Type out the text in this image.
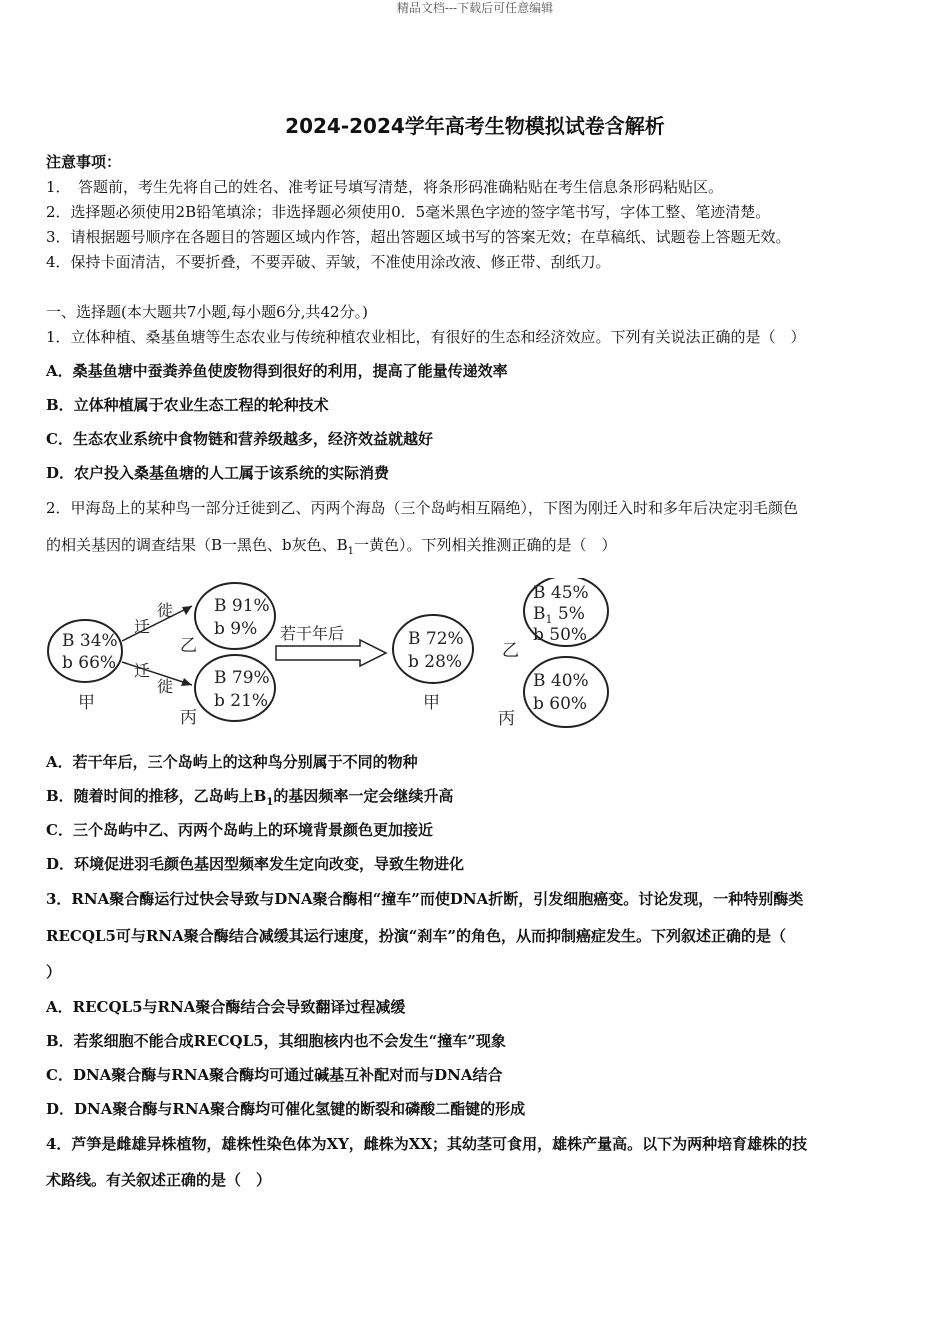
精品文档---下载后可任意编辑
2024-2024学年高考生物模拟试卷含解析
注意事项：
1．　答题前，考生先将自己的姓名、准考证号填写清楚，将条形码准确粘贴在考生信息条形码粘贴区。
2．选择题必须使用2B铅笔填涂；非选择题必须使用0．5毫米黑色字迹的签字笔书写，字体工整、笔迹清楚。
3．请根据题号顺序在各题目的答题区域内作答，超出答题区域书写的答案无效；在草稿纸、试题卷上答题无效。
4．保持卡面清洁，不要折叠，不要弄破、弄皱，不准使用涂改液、修正带、刮纸刀。
一、选择题(本大题共7小题,每小题6分,共42分。)
1．立体种植、桑基鱼塘等生态农业与传统种植农业相比，有很好的生态和经济效应。下列有关说法正确的是（　）
A．桑基鱼塘中蚕粪养鱼使废物得到很好的利用，提高了能量传递效率
B．立体种植属于农业生态工程的轮种技术
C．生态农业系统中食物链和营养级越多，经济效益就越好
D．农户投入桑基鱼塘的人工属于该系统的实际消费
2．甲海岛上的某种鸟一部分迁徙到乙、丙两个海岛（三个岛屿相互隔绝），下图为刚迁入时和多年后决定羽毛颜色
的相关基因的调查结果（B一黑色、b灰色、$B_1$一黄色）。下列相关推测正确的是（　）
B 34%
b 66%
甲
迁
徙
迁
徙
B 91%
b 9%
乙
B 79%
b 21%
丙
若干年后	B 72%
b 28%
甲
B 45%
$B_1$ 5%
b 50%
乙
B 40%
b 60%
丙
A．若干年后，三个岛屿上的这种鸟分别属于不同的物种
B．随着时间的推移，乙岛屿上$B_1$的基因频率一定会继续升高
C．三个岛屿中乙、丙两个岛屿上的环境背景颜色更加接近
D．环境促进羽毛颜色基因型频率发生定向改变，导致生物进化
3．RNA聚合酶运行过快会导致与DNA聚合酶相“撞车”而使DNA折断，引发细胞癌变。讨论发现，一种特别酶类
RECQL5可与RNA聚合酶结合减缓其运行速度，扮演“刹车”的角色，从而抑制癌症发生。下列叙述正确的是（
）
A．RECQL5与RNA聚合酶结合会导致翻译过程减缓
B．若浆细胞不能合成RECQL5，其细胞核内也不会发生“撞车”现象
C．DNA聚合酶与RNA聚合酶均可通过碱基互补配对而与DNA结合
D．DNA聚合酶与RNA聚合酶均可催化氢键的断裂和磷酸二酯键的形成
4．芦笋是雌雄异株植物，雄株性染色体为XY，雌株为XX；其幼茎可食用，雄株产量高。以下为两种培育雄株的技
术路线。有关叙述正确的是（　）
